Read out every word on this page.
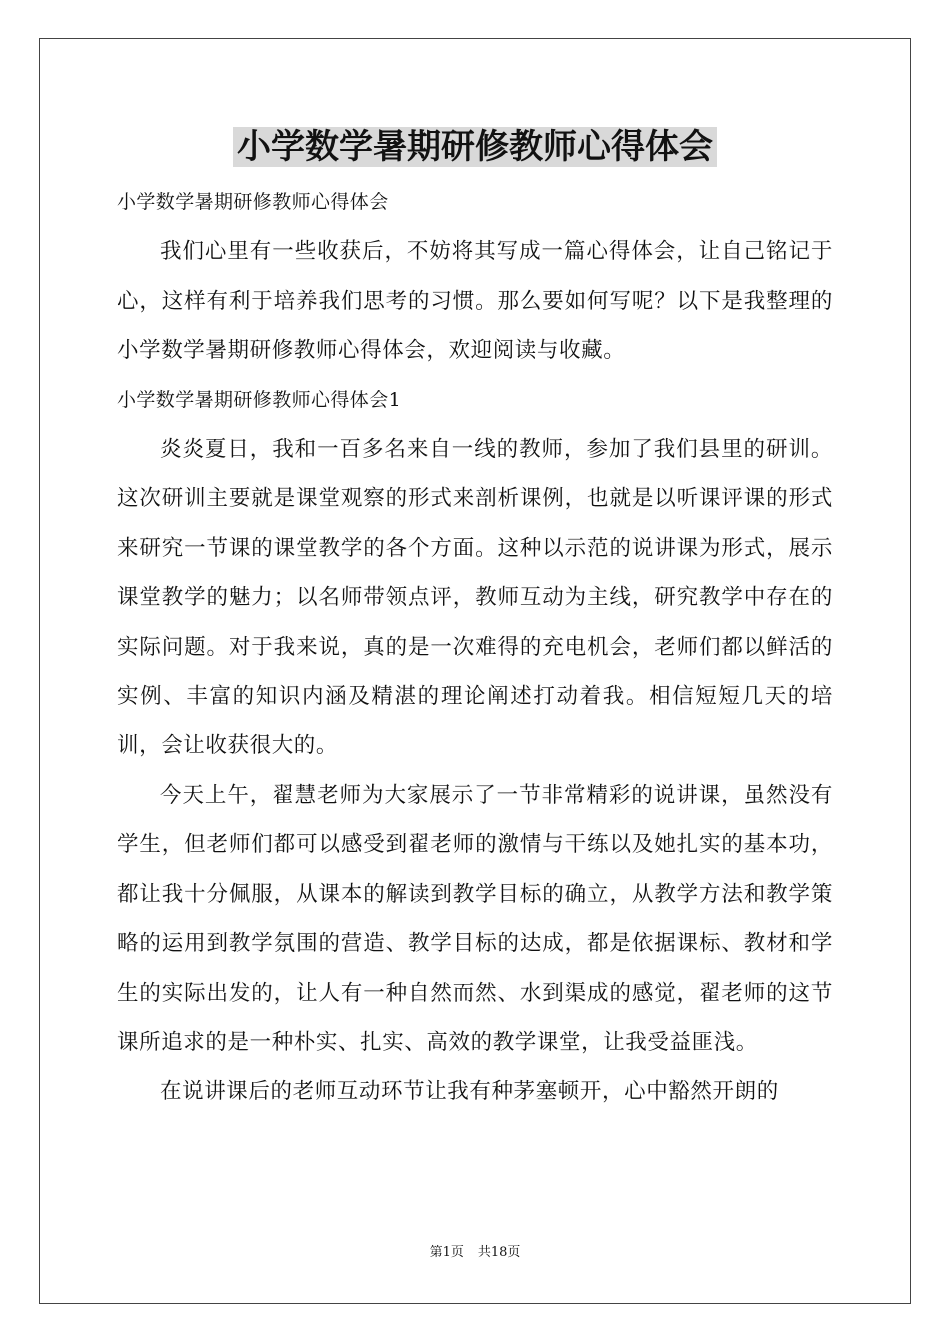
小学数学暑期研修教师心得体会

小学数学暑期研修教师心得体会

我们心里有一些收获后，不妨将其写成一篇心得体会，让自己铭记于心，这样有利于培养我们思考的习惯。那么要如何写呢？以下是我整理的小学数学暑期研修教师心得体会，欢迎阅读与收藏。

小学数学暑期研修教师心得体会1

炎炎夏日，我和一百多名来自一线的教师，参加了我们县里的研训。这次研训主要就是课堂观察的形式来剖析课例，也就是以听课评课的形式来研究一节课的课堂教学的各个方面。这种以示范的说讲课为形式，展示课堂教学的魅力；以名师带领点评，教师互动为主线，研究教学中存在的实际问题。对于我来说，真的是一次难得的充电机会，老师们都以鲜活的实例、丰富的知识内涵及精湛的理论阐述打动着我。相信短短几天的培训，会让收获很大的。

今天上午，翟慧老师为大家展示了一节非常精彩的说讲课，虽然没有学生，但老师们都可以感受到翟老师的激情与干练以及她扎实的基本功，都让我十分佩服，从课本的解读到教学目标的确立，从教学方法和教学策略的运用到教学氛围的营造、教学目标的达成，都是依据课标、教材和学生的实际出发的，让人有一种自然而然、水到渠成的感觉，翟老师的这节课所追求的是一种朴实、扎实、高效的教学课堂，让我受益匪浅。

在说讲课后的老师互动环节让我有种茅塞顿开，心中豁然开朗的

第1页 共18页
